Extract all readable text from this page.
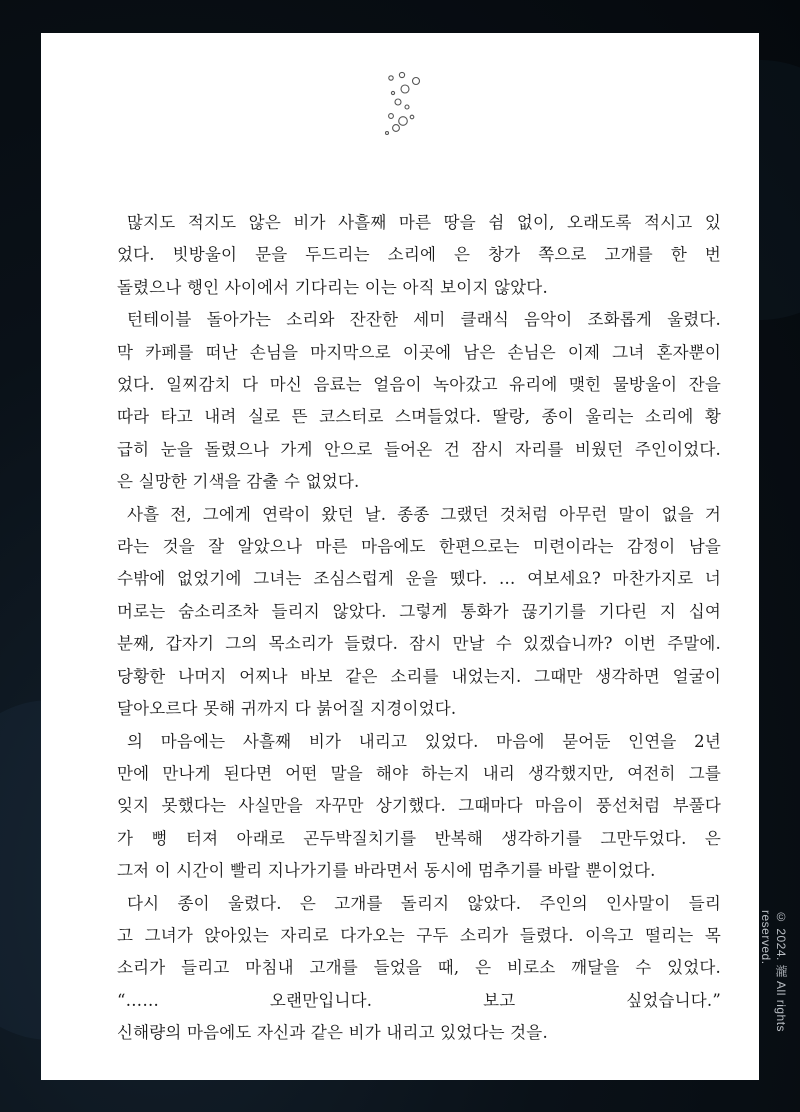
많지도 적지도 않은 비가 사흘째 마른 땅을 쉼 없이, 오래도록 적시고 있
었다. 빗방울이 문을 두드리는 소리에 은 창가 쪽으로 고개를 한 번
돌렸으나 행인 사이에서 기다리는 이는 아직 보이지 않았다.
턴테이블 돌아가는 소리와 잔잔한 세미 클래식 음악이 조화롭게 울렸다.
막 카페를 떠난 손님을 마지막으로 이곳에 남은 손님은 이제 그녀 혼자뿐이
었다. 일찌감치 다 마신 음료는 얼음이 녹아갔고 유리에 맺힌 물방울이 잔을
따라 타고 내려 실로 뜬 코스터로 스며들었다. 딸랑, 종이 울리는 소리에 황
급히 눈을 돌렸으나 가게 안으로 들어온 건 잠시 자리를 비웠던 주인이었다.
은 실망한 기색을 감출 수 없었다.
사흘 전, 그에게 연락이 왔던 날. 종종 그랬던 것처럼 아무런 말이 없을 거
라는 것을 잘 알았으나 마른 마음에도 한편으로는 미련이라는 감정이 남을
수밖에 없었기에 그녀는 조심스럽게 운을 뗐다. … 여보세요? 마찬가지로 너
머로는 숨소리조차 들리지 않았다. 그렇게 통화가 끊기기를 기다린 지 십여
분째, 갑자기 그의 목소리가 들렸다. 잠시 만날 수 있겠습니까? 이번 주말에.
당황한 나머지 어찌나 바보 같은 소리를 내었는지. 그때만 생각하면 얼굴이
달아오르다 못해 귀까지 다 붉어질 지경이었다.
의 마음에는 사흘째 비가 내리고 있었다. 마음에 묻어둔 인연을 2년
만에 만나게 된다면 어떤 말을 해야 하는지 내리 생각했지만, 여전히 그를
잊지 못했다는 사실만을 자꾸만 상기했다. 그때마다 마음이 풍선처럼 부풀다
가 뻥 터져 아래로 곤두박질치기를 반복해 생각하기를 그만두었다. 은
그저 이 시간이 빨리 지나가기를 바라면서 동시에 멈추기를 바랄 뿐이었다.
다시 종이 울렸다. 은 고개를 돌리지 않았다. 주인의 인사말이 들리
고 그녀가 앉아있는 자리로 다가오는 구두 소리가 들렸다. 이윽고 떨리는 목
소리가 들리고 마침내 고개를 들었을 때, 은 비로소 깨달을 수 있었다.
“…… 오랜만입니다. 보고 싶었습니다.”
신해량의 마음에도 자신과 같은 비가 내리고 있었다는 것을.
© 2024. 瀧 All rights reserved.
